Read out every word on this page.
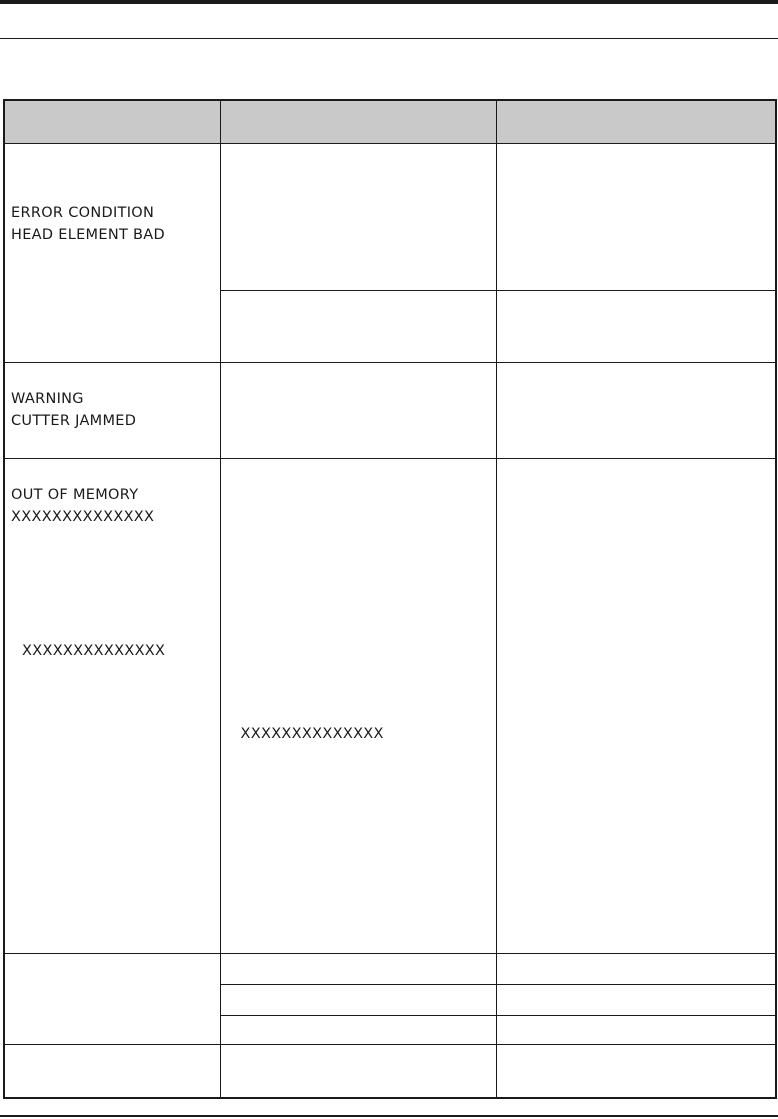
ERROR CONDITION
HEAD ELEMENT BAD		

WARNING
CUTTER JAMMED		

OUT OF MEMORY
XXXXXXXXXXXXXX
XXXXXXXXXXXXXX	XXXXXXXXXXXXXX	
